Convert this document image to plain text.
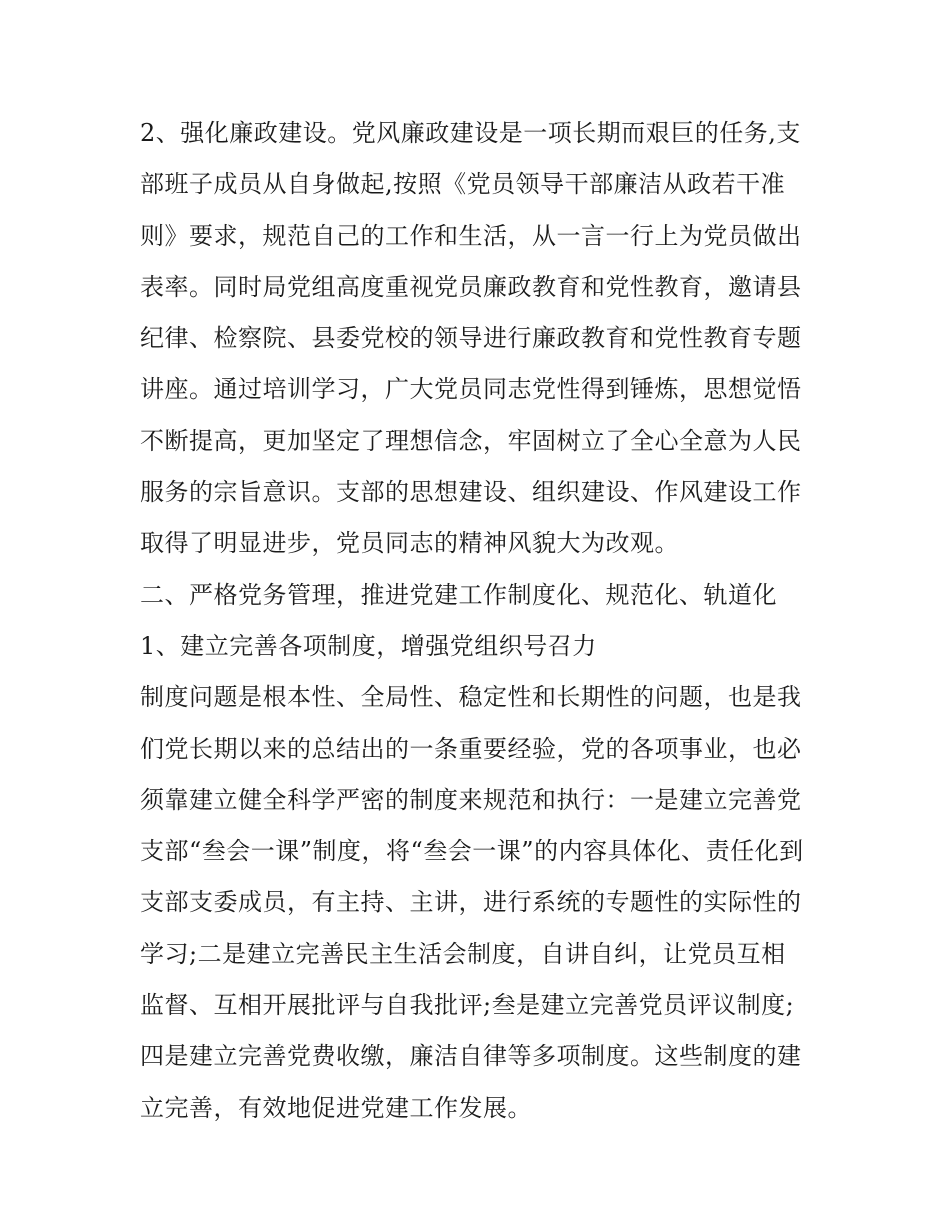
2、强化廉政建设。党风廉政建设是一项长期而艰巨的任务,支
部班子成员从自身做起,按照《党员领导干部廉洁从政若干准
则》要求，规范自己的工作和生活，从一言一行上为党员做出
表率。同时局党组高度重视党员廉政教育和党性教育，邀请县
纪律、检察院、县委党校的领导进行廉政教育和党性教育专题
讲座。通过培训学习，广大党员同志党性得到锤炼，思想觉悟
不断提高，更加坚定了理想信念，牢固树立了全心全意为人民
服务的宗旨意识。支部的思想建设、组织建设、作风建设工作
取得了明显进步，党员同志的精神风貌大为改观。
二、严格党务管理，推进党建工作制度化、规范化、轨道化
1、建立完善各项制度，增强党组织号召力
制度问题是根本性、全局性、稳定性和长期性的问题，也是我
们党长期以来的总结出的一条重要经验，党的各项事业，也必
须靠建立健全科学严密的制度来规范和执行：一是建立完善党
支部“叁会一课”制度，将“叁会一课”的内容具体化、责任化到
支部支委成员，有主持、主讲，进行系统的专题性的实际性的
学习;二是建立完善民主生活会制度，自讲自纠，让党员互相
监督、互相开展批评与自我批评;叁是建立完善党员评议制度;
四是建立完善党费收缴，廉洁自律等多项制度。这些制度的建
立完善，有效地促进党建工作发展。
